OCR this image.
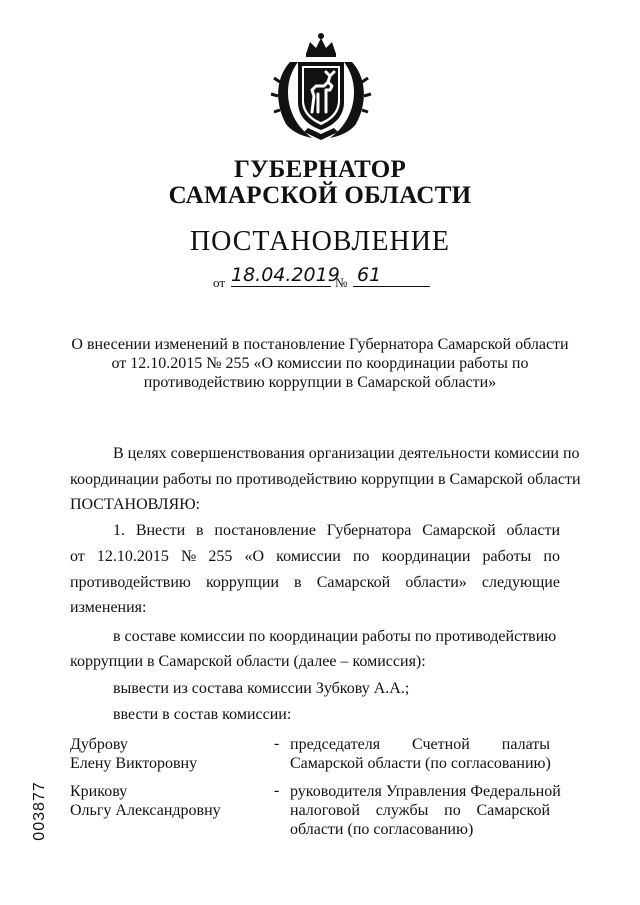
ГУБЕРНАТОР
САМАРСКОЙ ОБЛАСТИ
ПОСТАНОВЛЕНИЕ
от 18.04.2019
№ 61
О внесении изменений в постановление Губернатора Самарской области
от 12.10.2015 № 255 «О комиссии по координации работы по
противодействию коррупции в Самарской области»
В целях совершенствования организации деятельности комиссии по
координации работы по противодействию коррупции в Самарской области
ПОСТАНОВЛЯЮ:
1. Внести в постановление Губернатора Самарской области
от 12.10.2015 № 255 «О комиссии по координации работы по
противодействию коррупции в Самарской области» следующие
изменения:
в составе комиссии по координации работы по противодействию
коррупции в Самарской области (далее – комиссия):
вывести из состава комиссии Зубкову А.А.;
ввести в состав комиссии:
Дуброву
Елену Викторовну
- председателя Счетной палаты
Самарской области (по согласованию)
Крикову
Ольгу Александровну
- руководителя Управления Федеральной
налоговой службы по Самарской
области (по согласованию)
003877
